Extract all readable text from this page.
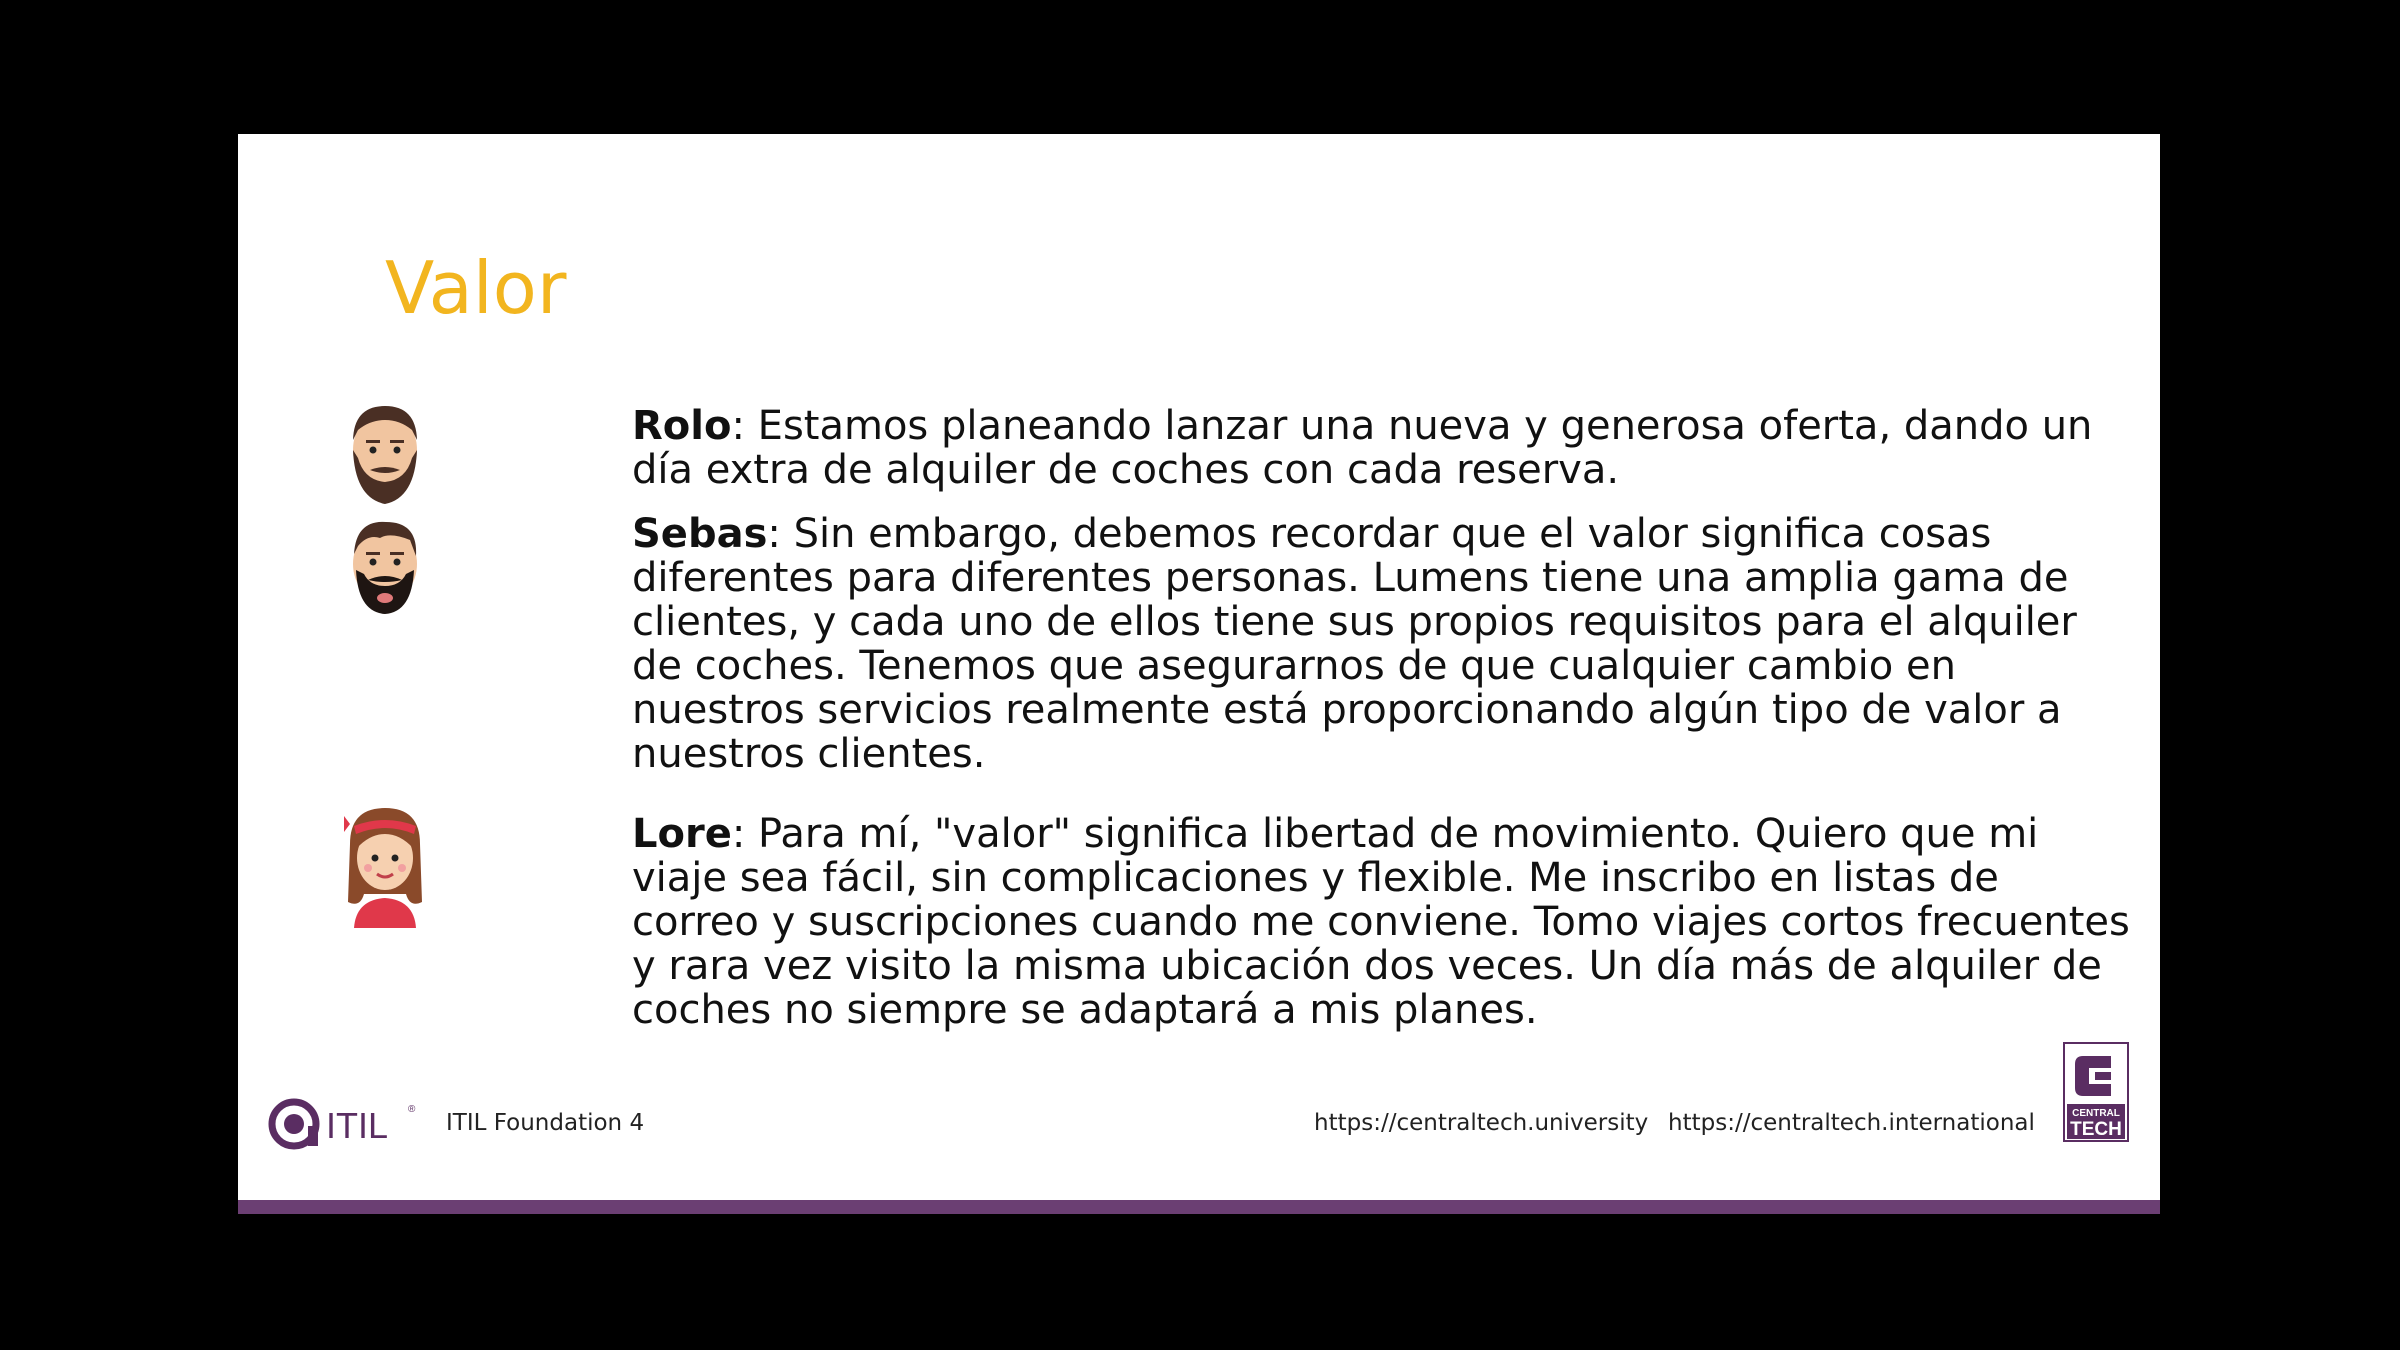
Valor

Rolo: Estamos planeando lanzar una nueva y generosa oferta, dando un día extra de alquiler de coches con cada reserva.

Sebas: Sin embargo, debemos recordar que el valor significa cosas diferentes para diferentes personas. Lumens tiene una amplia gama de clientes, y cada uno de ellos tiene sus propios requisitos para el alquiler de coches. Tenemos que asegurarnos de que cualquier cambio en nuestros servicios realmente está proporcionando algún tipo de valor a nuestros clientes.

Lore: Para mí, "valor" significa libertad de movimiento. Quiero que mi viaje sea fácil, sin complicaciones y flexible. Me inscribo en listas de correo y suscripciones cuando me conviene. Tomo viajes cortos frecuentes y rara vez visito la misma ubicación dos veces. Un día más de alquiler de coches no siempre se adaptará a mis planes.

ITIL ®
ITIL Foundation 4	https://centraltech.university https://centraltech.international	CENTRAL
TECH
